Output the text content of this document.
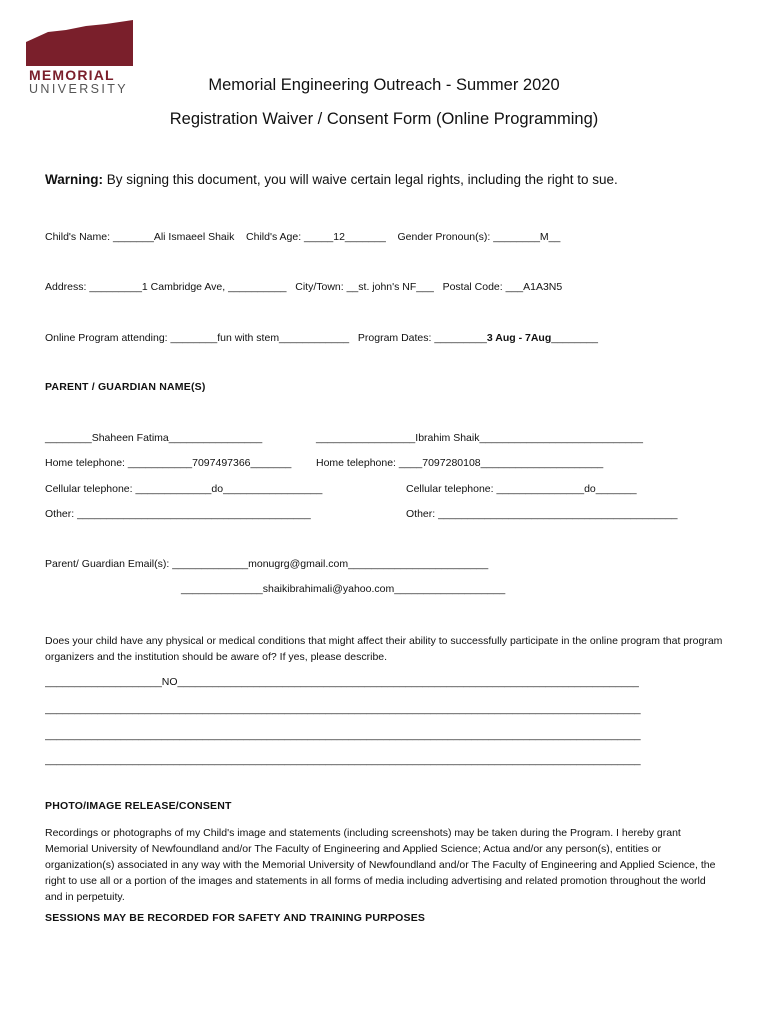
MEMORIAL
UNIVERSITY	Memorial Engineering Outreach - Summer 2020
Registration Waiver / Consent Form (Online Programming)
Warning: By signing this document, you will waive certain legal rights, including the right to sue.
Child's Name: _______Ali Ismaeel Shaik    Child's Age: _____12_______    Gender Pronoun(s): ________M__
Address: _________1 Cambridge Ave, __________   City/Town: __st. john's NF___   Postal Code: ___A1A3N5
Online Program attending: ________fun with stem____________   Program Dates: _________3 Aug - 7Aug________
PARENT / GUARDIAN NAME(S)
________Shaheen Fatima________________	_________________Ibrahim Shaik____________________________
Home telephone: ___________7097497366_______ Home telephone: ____7097280108_____________________
Cellular telephone: _____________do_________________	Cellular telephone: _______________do_______
Other: ________________________________________	Other: _________________________________________
Parent/ Guardian Email(s): _____________monugrg@gmail.com________________________
______________shaikibrahimali@yahoo.com___________________
Does your child have any physical or medical conditions that might affect their ability to successfully participate in the online program that program organizers and the institution should be aware of? If yes, please describe.
____________________NO_______________________________________________________________________________
______________________________________________________________________________________________________
______________________________________________________________________________________________________
______________________________________________________________________________________________________
PHOTO/IMAGE RELEASE/CONSENT
Recordings or photographs of my Child's image and statements (including screenshots) may be taken during the Program. I hereby grant Memorial University of Newfoundland and/or The Faculty of Engineering and Applied Science; Actua and/or any person(s), entities or organization(s) associated in any way with the Memorial University of Newfoundland and/or The Faculty of Engineering and Applied Science, the right to use all or a portion of the images and statements in all forms of media including advertising and related promotion throughout the world and in perpetuity.
SESSIONS MAY BE RECORDED FOR SAFETY AND TRAINING PURPOSES
